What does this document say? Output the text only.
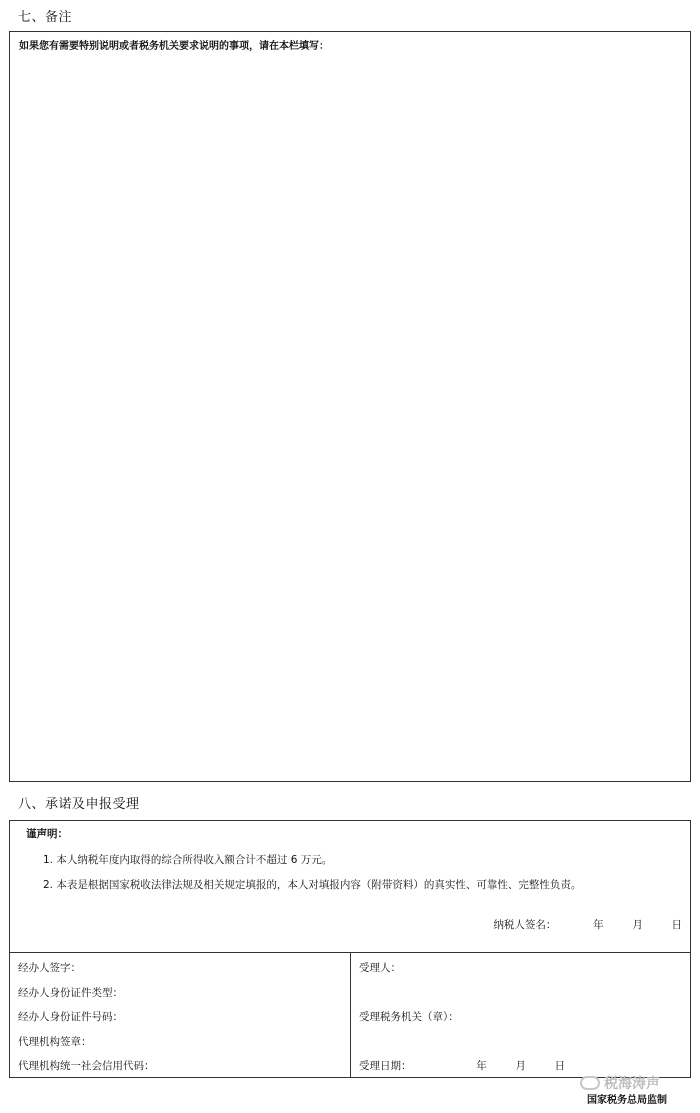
七、备注
如果您有需要特别说明或者税务机关要求说明的事项，请在本栏填写：
八、承诺及申报受理
谨声明：
1. 本人纳税年度内取得的综合所得收入额合计不超过 6 万元。
2. 本表是根据国家税收法律法规及相关规定填报的，本人对填报内容（附带资料）的真实性、可靠性、完整性负责。
纳税人签名：	年	月	日
经办人签字：
经办人身份证件类型：
经办人身份证件号码：
代理机构签章：
代理机构统一社会信用代码：
受理人：
受理税务机关（章）：
受理日期：	年	月	日
税海涛声
国家税务总局监制
